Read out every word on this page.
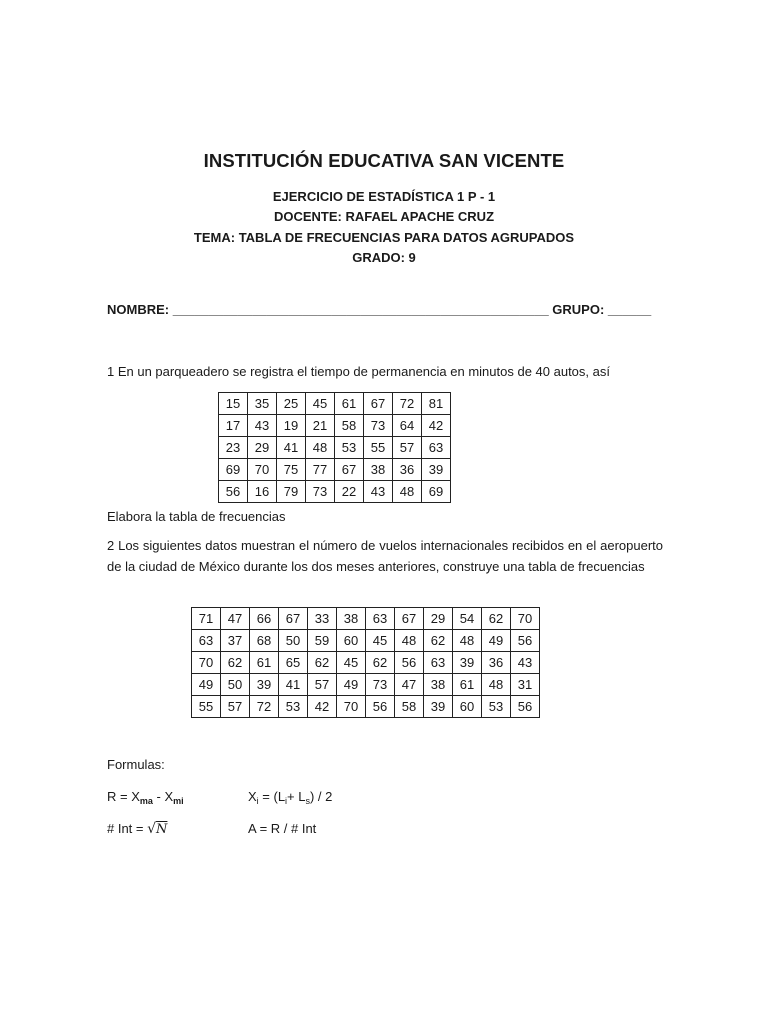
INSTITUCIÓN EDUCATIVA SAN VICENTE
EJERCICIO DE ESTADÍSTICA 1 P - 1
DOCENTE: RAFAEL APACHE CRUZ
TEMA: TABLA DE FRECUENCIAS PARA DATOS AGRUPADOS
GRADO: 9
NOMBRE: ____________________________________________________ GRUPO: ______
1 En un parqueadero se registra el tiempo de permanencia en minutos de 40 autos, así
15	35	25	45	61	67	72	81
17	43	19	21	58	73	64	42
23	29	41	48	53	55	57	63
69	70	75	77	67	38	36	39
56	16	79	73	22	43	48	69
Elabora la tabla de frecuencias
2 Los siguientes datos muestran el número de vuelos internacionales recibidos en el aeropuerto de la ciudad de México durante los dos meses anteriores, construye una tabla de frecuencias
71	47	66	67	33	38	63	67	29	54	62	70
63	37	68	50	59	60	45	48	62	48	49	56
70	62	61	65	62	45	62	56	63	39	36	43
49	50	39	41	57	49	73	47	38	61	48	31
55	57	72	53	42	70	56	58	39	60	53	56
Formulas:
$R = X_{ma} - X_{mi}$	$X_i = (L_i+ L_s) / 2$
# Int = √N	A = R / # Int
